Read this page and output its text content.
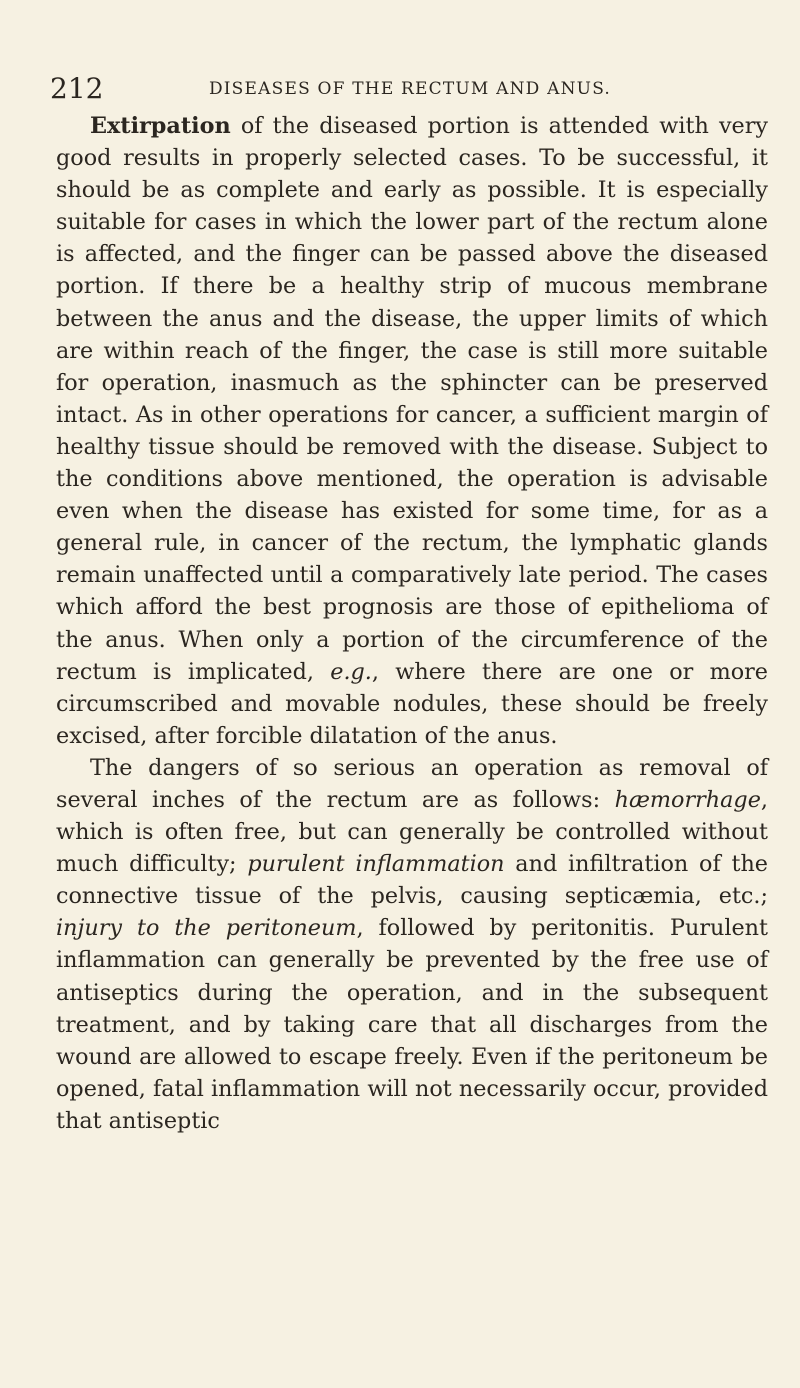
212	DISEASES OF THE RECTUM AND ANUS.

Extirpation of the diseased portion is attended with very good results in properly selected cases. To be successful, it should be as complete and early as possible. It is especially suitable for cases in which the lower part of the rectum alone is affected, and the finger can be passed above the diseased portion. If there be a healthy strip of mucous membrane between the anus and the disease, the upper limits of which are within reach of the finger, the case is still more suitable for operation, inasmuch as the sphincter can be preserved intact. As in other operations for cancer, a sufficient margin of healthy tissue should be removed with the disease. Subject to the conditions above mentioned, the operation is advisable even when the disease has existed for some time, for as a general rule, in cancer of the rectum, the lymphatic glands remain unaffected until a comparatively late period. The cases which afford the best prognosis are those of epithelioma of the anus. When only a portion of the circumference of the rectum is implicated, e.g., where there are one or more circumscribed and movable nodules, these should be freely excised, after forcible dilatation of the anus.

The dangers of so serious an operation as removal of several inches of the rectum are as follows: hæmorrhage, which is often free, but can generally be controlled without much difficulty; purulent inflammation and infiltration of the connective tissue of the pelvis, causing septicæmia, etc.; injury to the peritoneum, followed by peritonitis. Purulent inflammation can generally be prevented by the free use of antiseptics during the operation, and in the subsequent treatment, and by taking care that all discharges from the wound are allowed to escape freely. Even if the peritoneum be opened, fatal inflammation will not necessarily occur, provided that antiseptic
